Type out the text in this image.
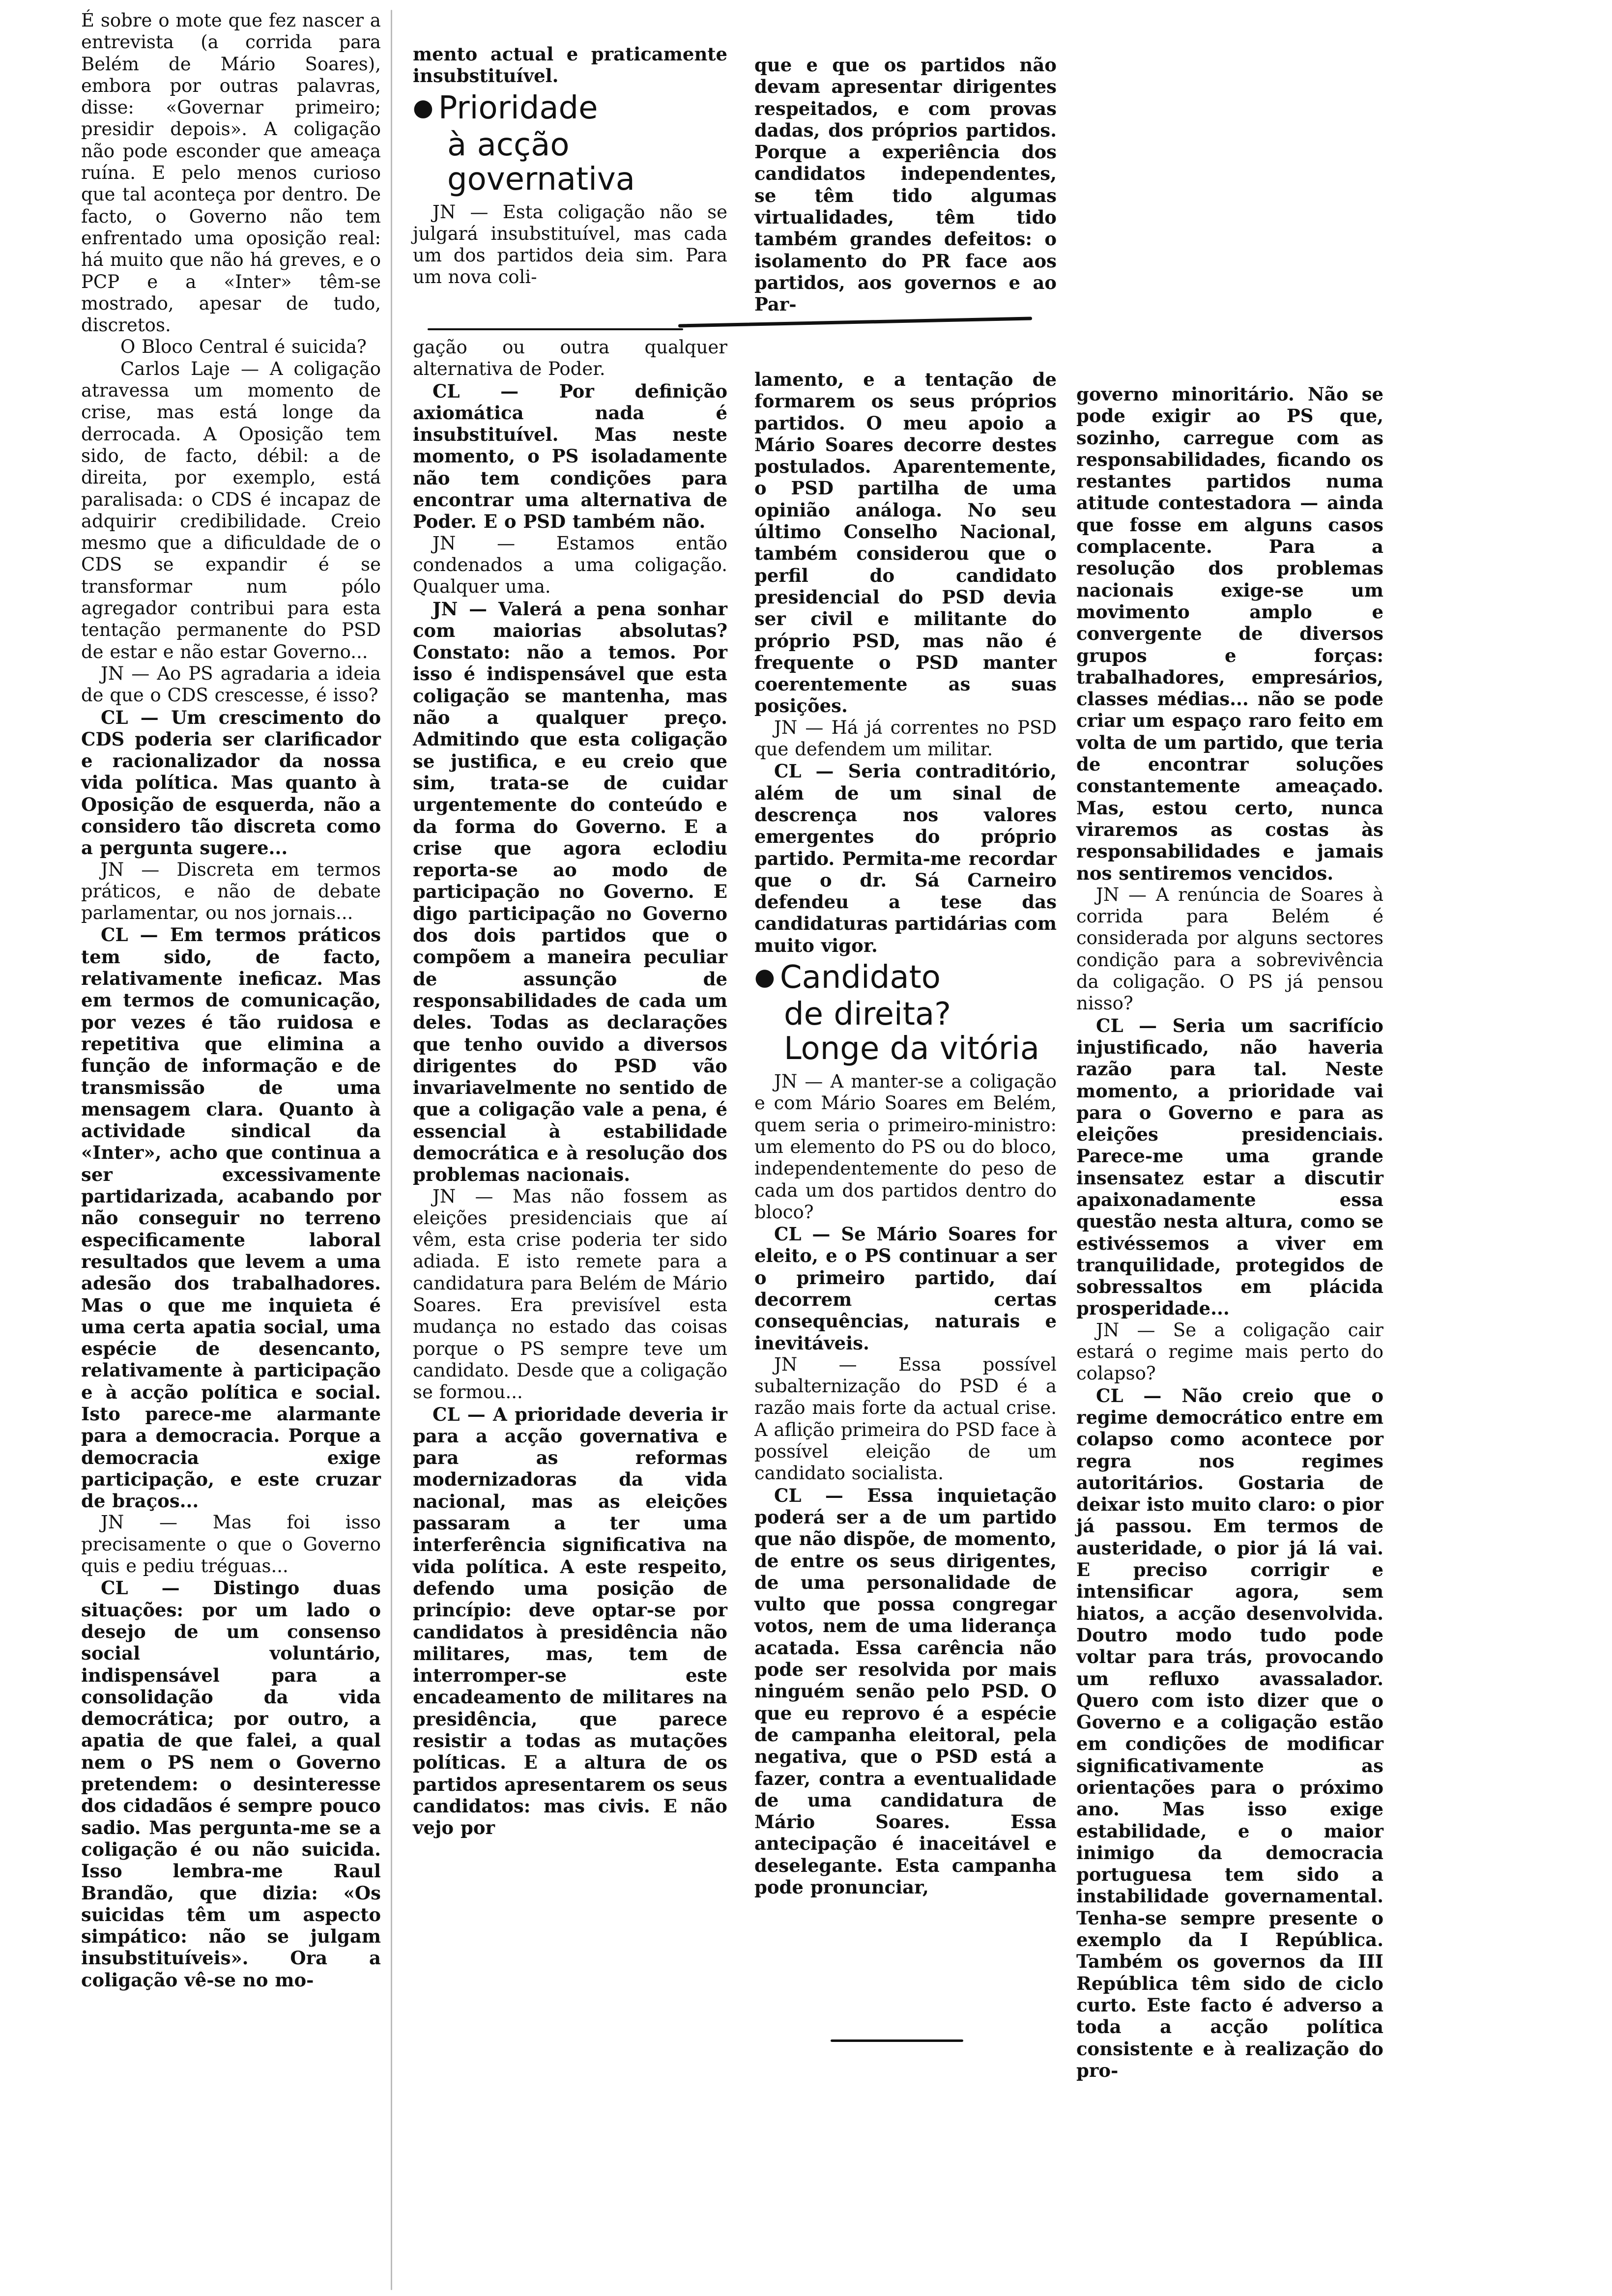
É sobre o mote que fez nascer a entrevista (a corrida para Belém de Mário Soares), embora por outras palavras, disse: «Governar primeiro; presidir depois». A coligação não pode esconder que ameaça ruína. E pelo menos curioso que tal aconteça por dentro. De facto, o Governo não tem enfrentado uma oposição real: há muito que não há greves, e o PCP e a «Inter» têm-se mostrado, apesar de tudo, discretos.

O Bloco Central é suicida?

Carlos Laje — A coligação atravessa um momento de crise, mas está longe da derrocada. A Oposição tem sido, de facto, débil: a de direita, por exemplo, está paralisada: o CDS é incapaz de adquirir credibilidade. Creio mesmo que a dificuldade de o CDS se expandir é se transformar num pólo agregador contribui para esta tentação permanente do PSD de estar e não estar Governo...

JN — Ao PS agradaria a ideia de que o CDS crescesse, é isso?

CL — Um crescimento do CDS poderia ser clarificador e racionalizador da nossa vida política. Mas quanto à Oposição de esquerda, não a considero tão discreta como a pergunta sugere...

JN — Discreta em termos práticos, e não de debate parlamentar, ou nos jornais...

CL — Em termos práticos tem sido, de facto, relativamente ineficaz. Mas em termos de comunicação, por vezes é tão ruidosa e repetitiva que elimina a função de informação e de transmissão de uma mensagem clara. Quanto à actividade sindical da «Inter», acho que continua a ser excessivamente partidarizada, acabando por não conseguir no terreno especificamente laboral resultados que levem a uma adesão dos trabalhadores. Mas o que me inquieta é uma certa apatia social, uma espécie de desencanto, relativamente à participação e à acção política e social. Isto parece-me alarmante para a democracia. Porque a democracia exige participação, e este cruzar de braços...

JN — Mas foi isso precisamente o que o Governo quis e pediu tréguas...

CL — Distingo duas situações: por um lado o desejo de um consenso social voluntário, indispensável para a consolidação da vida democrática; por outro, a apatia de que falei, a qual nem o PS nem o Governo pretendem: o desinteresse dos cidadãos é sempre pouco sadio. Mas pergunta-me se a coligação é ou não suicida. Isso lembra-me Raul Brandão, que dizia: «Os suicidas têm um aspecto simpático: não se julgam insubstituíveis». Ora a coligação vê-se no mo-

mento actual e praticamente insubstituível.

● Prioridade
à acção
governativa

JN — Esta coligação não se julgará insubstituível, mas cada um dos partidos deia sim. Para um nova coli-

que e que os partidos não devam apresentar dirigentes respeitados, e com provas dadas, dos próprios partidos. Porque a experiência dos candidatos independentes, se têm tido algumas virtualidades, têm tido também grandes defeitos: o isolamento do PR face aos partidos, aos governos e ao Par-

gação ou outra qualquer alternativa de Poder.

CL — Por definição axiomática nada é insubstituível. Mas neste momento, o PS isoladamente não tem condições para encontrar uma alternativa de Poder. E o PSD também não.

JN — Estamos então condenados a uma coligação. Qualquer uma.

JN — Valerá a pena sonhar com maiorias absolutas? Constato: não a temos. Por isso é indispensável que esta coligação se mantenha, mas não a qualquer preço. Admitindo que esta coligação se justifica, e eu creio que sim, trata-se de cuidar urgentemente do conteúdo e da forma do Governo. E a crise que agora eclodiu reporta-se ao modo de participação no Governo. E digo participação no Governo dos dois partidos que o compõem a maneira peculiar de assunção de responsabilidades de cada um deles. Todas as declarações que tenho ouvido a diversos dirigentes do PSD vão invariavelmente no sentido de que a coligação vale a pena, é essencial à estabilidade democrática e à resolução dos problemas nacionais.

JN — Mas não fossem as eleições presidenciais que aí vêm, esta crise poderia ter sido adiada. E isto remete para a candidatura para Belém de Mário Soares. Era previsível esta mudança no estado das coisas porque o PS sempre teve um candidato. Desde que a coligação se formou...

CL — A prioridade deveria ir para a acção governativa e para as reformas modernizadoras da vida nacional, mas as eleições passaram a ter uma interferência significativa na vida política. A este respeito, defendo uma posição de princípio: deve optar-se por candidatos à presidência não militares, mas, tem de interromper-se este encadeamento de militares na presidência, que parece resistir a todas as mutações políticas. E a altura de os partidos apresentarem os seus candidatos: mas civis. E não vejo por

lamento, e a tentação de formarem os seus próprios partidos. O meu apoio a Mário Soares decorre destes postulados. Aparentemente, o PSD partilha de uma opinião análoga. No seu último Conselho Nacional, também considerou que o perfil do candidato presidencial do PSD devia ser civil e militante do próprio PSD, mas não é frequente o PSD manter coerentemente as suas posições.

JN — Há já correntes no PSD que defendem um militar.

CL — Seria contraditório, além de um sinal de descrença nos valores emergentes do próprio partido. Permita-me recordar que o dr. Sá Carneiro defendeu a tese das candidaturas partidárias com muito vigor.

● Candidato
de direita?
Longe da vitória

JN — A manter-se a coligação e com Mário Soares em Belém, quem seria o primeiro-ministro: um elemento do PS ou do bloco, independentemente do peso de cada um dos partidos dentro do bloco?

CL — Se Mário Soares for eleito, e o PS continuar a ser o primeiro partido, daí decorrem certas consequências, naturais e inevitáveis.

JN — Essa possível subalternização do PSD é a razão mais forte da actual crise. A aflição primeira do PSD face à possível eleição de um candidato socialista.

CL — Essa inquietação poderá ser a de um partido que não dispõe, de momento, de entre os seus dirigentes, de uma personalidade de vulto que possa congregar votos, nem de uma liderança acatada. Essa carência não pode ser resolvida por mais ninguém senão pelo PSD. O que eu reprovo é a espécie de campanha eleitoral, pela negativa, que o PSD está a fazer, contra a eventualidade de uma candidatura de Mário Soares. Essa antecipação é inaceitável e deselegante. Esta campanha pode pronunciar,

governo minoritário. Não se pode exigir ao PS que, sozinho, carregue com as responsabilidades, ficando os restantes partidos numa atitude contestadora — ainda que fosse em alguns casos complacente. Para a resolução dos problemas nacionais exige-se um movimento amplo e convergente de diversos grupos e forças: trabalhadores, empresários, classes médias... não se pode criar um espaço raro feito em volta de um partido, que teria de encontrar soluções constantemente ameaçado. Mas, estou certo, nunca viraremos as costas às responsabilidades e jamais nos sentiremos vencidos.

JN — A renúncia de Soares à corrida para Belém é considerada por alguns sectores condição para a sobrevivência da coligação. O PS já pensou nisso?

CL — Seria um sacrifício injustificado, não haveria razão para tal. Neste momento, a prioridade vai para o Governo e para as eleições presidenciais. Parece-me uma grande insensatez estar a discutir apaixonadamente essa questão nesta altura, como se estivéssemos a viver em tranquilidade, protegidos de sobressaltos em plácida prosperidade...

JN — Se a coligação cair estará o regime mais perto do colapso?

CL — Não creio que o regime democrático entre em colapso como acontece por regra nos regimes autoritários. Gostaria de deixar isto muito claro: o pior já passou. Em termos de austeridade, o pior já lá vai. E preciso corrigir e intensificar agora, sem hiatos, a acção desenvolvida. Doutro modo tudo pode voltar para trás, provocando um refluxo avassalador. Quero com isto dizer que o Governo e a coligação estão em condições de modificar significativamente as orientações para o próximo ano. Mas isso exige estabilidade, e o maior inimigo da democracia portuguesa tem sido a instabilidade governamental. Tenha-se sempre presente o exemplo da I República. Também os governos da III República têm sido de ciclo curto. Este facto é adverso a toda a acção política consistente e à realização do pro-
